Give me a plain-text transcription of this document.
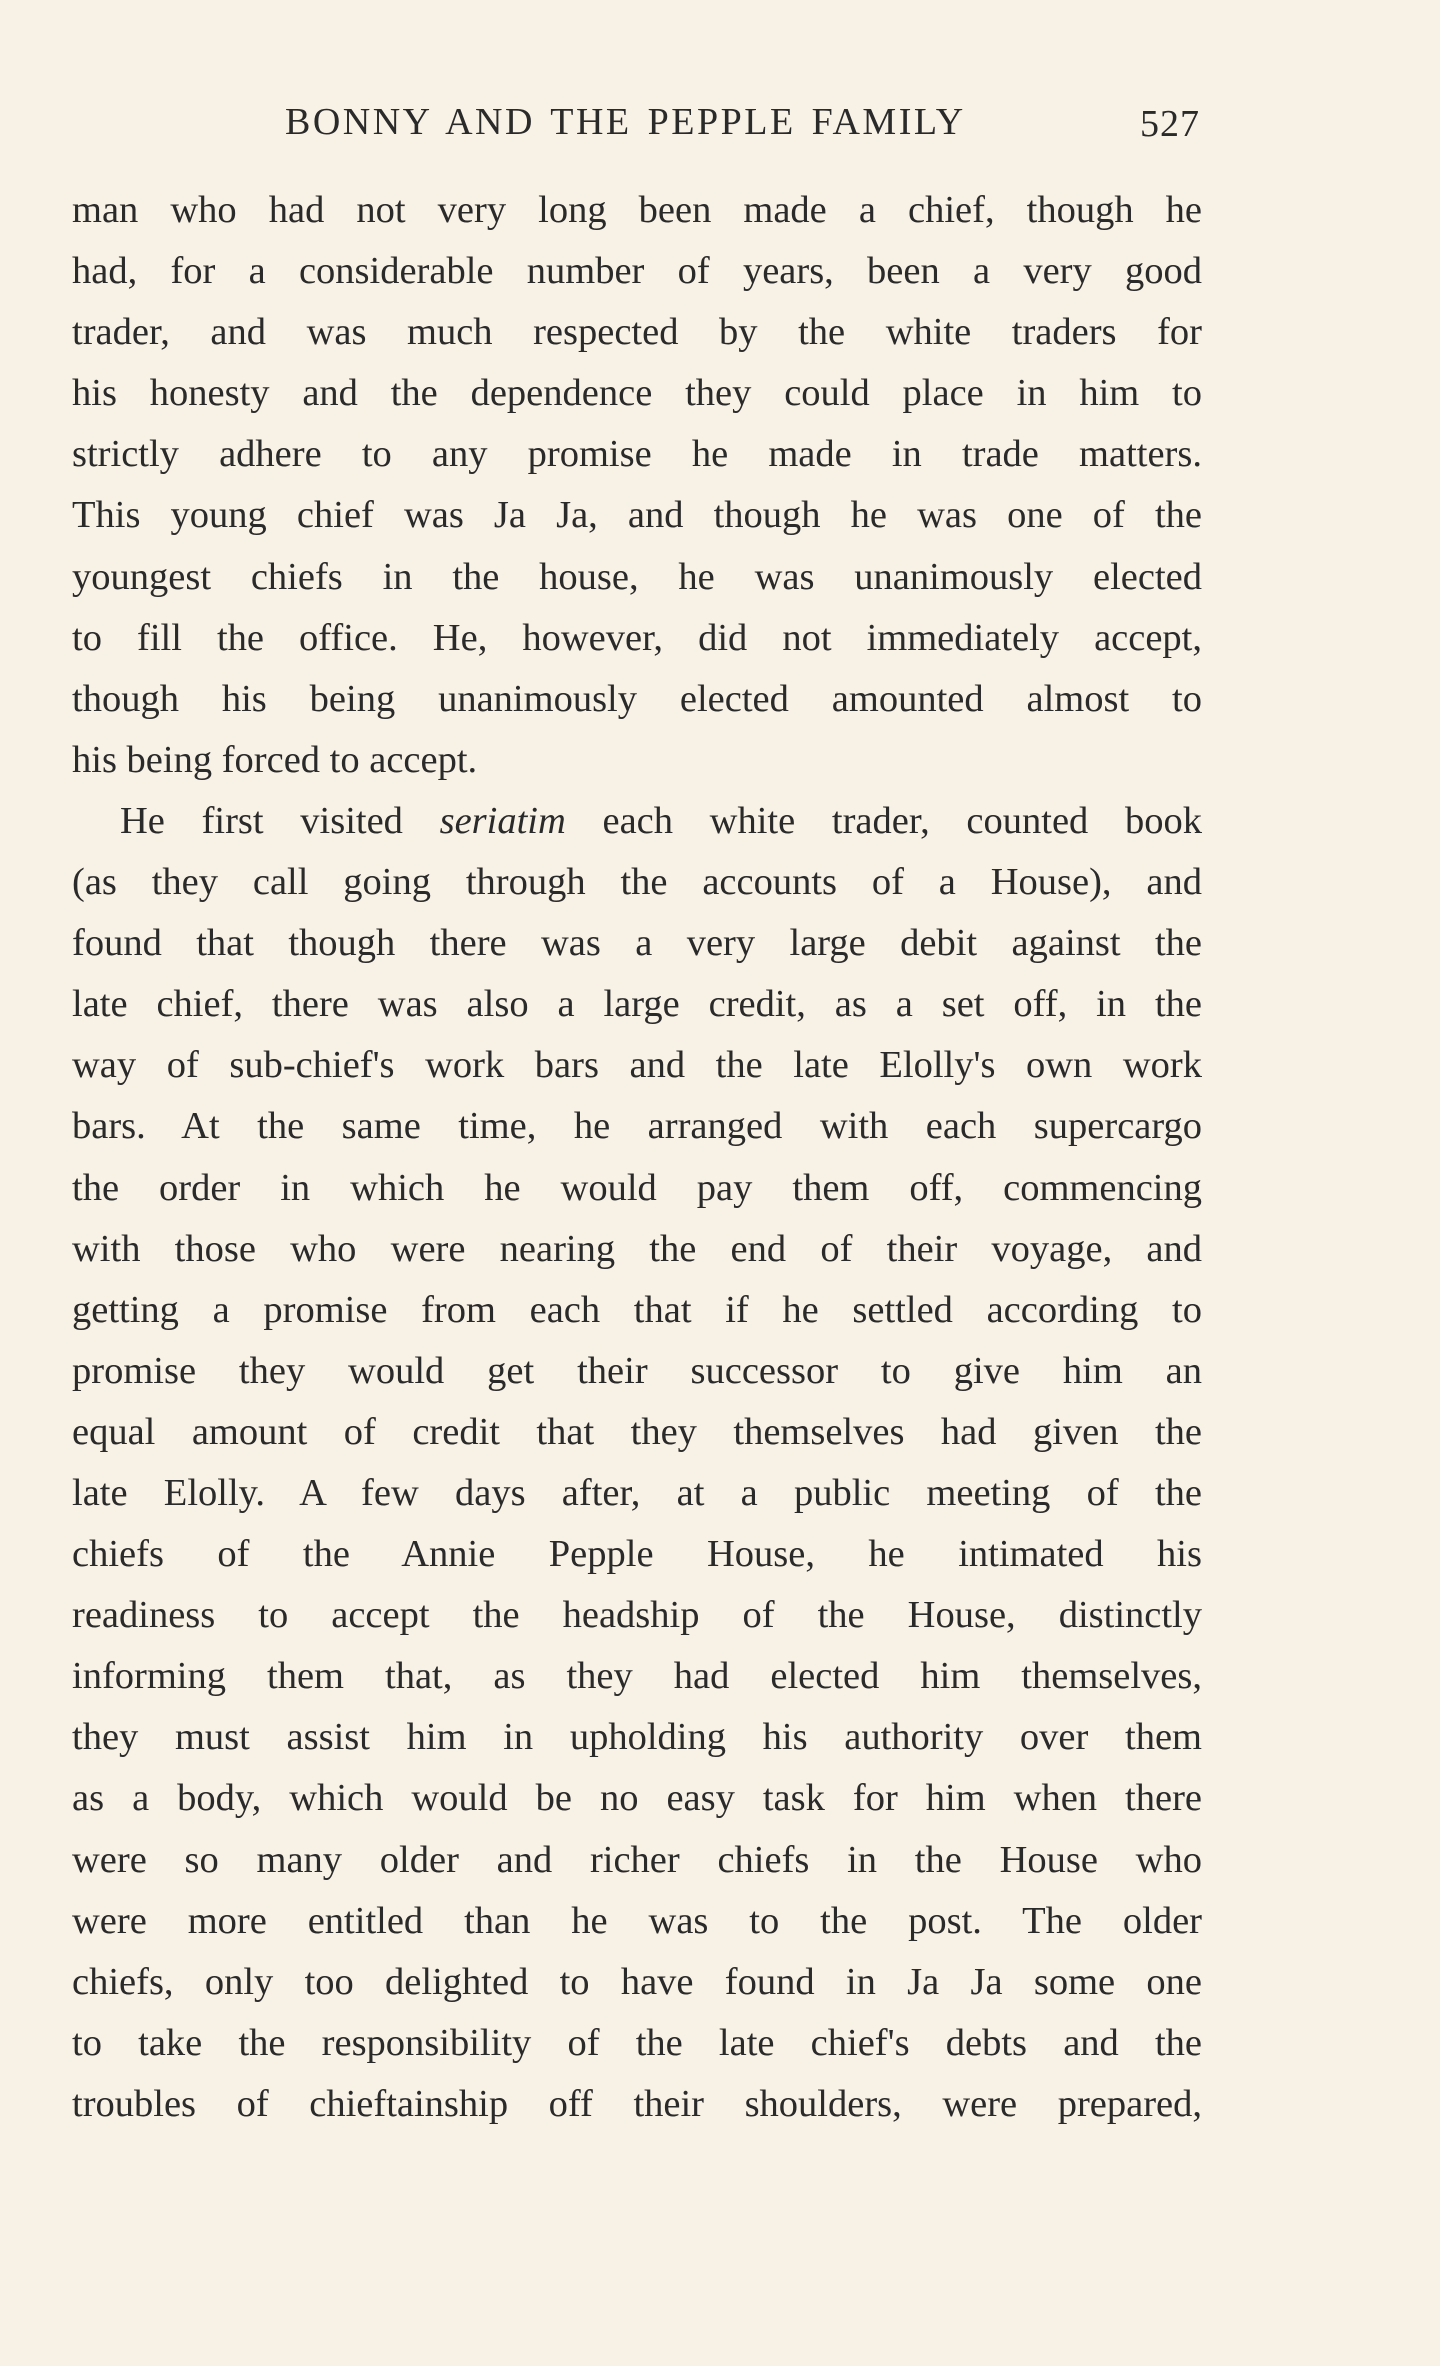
BONNY AND THE PEPPLE FAMILY	527
man who had not very long been made a chief, though he
had, for a considerable number of years, been a very good
trader, and was much respected by the white traders for
his honesty and the dependence they could place in him to
strictly adhere to any promise he made in trade matters.
This young chief was Ja Ja, and though he was one of the
youngest chiefs in the house, he was unanimously elected
to fill the office. He, however, did not immediately accept,
though his being unanimously elected amounted almost to
his being forced to accept.
He first visited seriatim each white trader, counted book
(as they call going through the accounts of a House), and
found that though there was a very large debit against the
late chief, there was also a large credit, as a set off, in the
way of sub-chief's work bars and the late Elolly's own work
bars. At the same time, he arranged with each supercargo
the order in which he would pay them off, commencing
with those who were nearing the end of their voyage, and
getting a promise from each that if he settled according to
promise they would get their successor to give him an
equal amount of credit that they themselves had given the
late Elolly. A few days after, at a public meeting of the
chiefs of the Annie Pepple House, he intimated his
readiness to accept the headship of the House, distinctly
informing them that, as they had elected him themselves,
they must assist him in upholding his authority over them
as a body, which would be no easy task for him when there
were so many older and richer chiefs in the House who
were more entitled than he was to the post. The older
chiefs, only too delighted to have found in Ja Ja some one
to take the responsibility of the late chief's debts and the
troubles of chieftainship off their shoulders, were prepared,
